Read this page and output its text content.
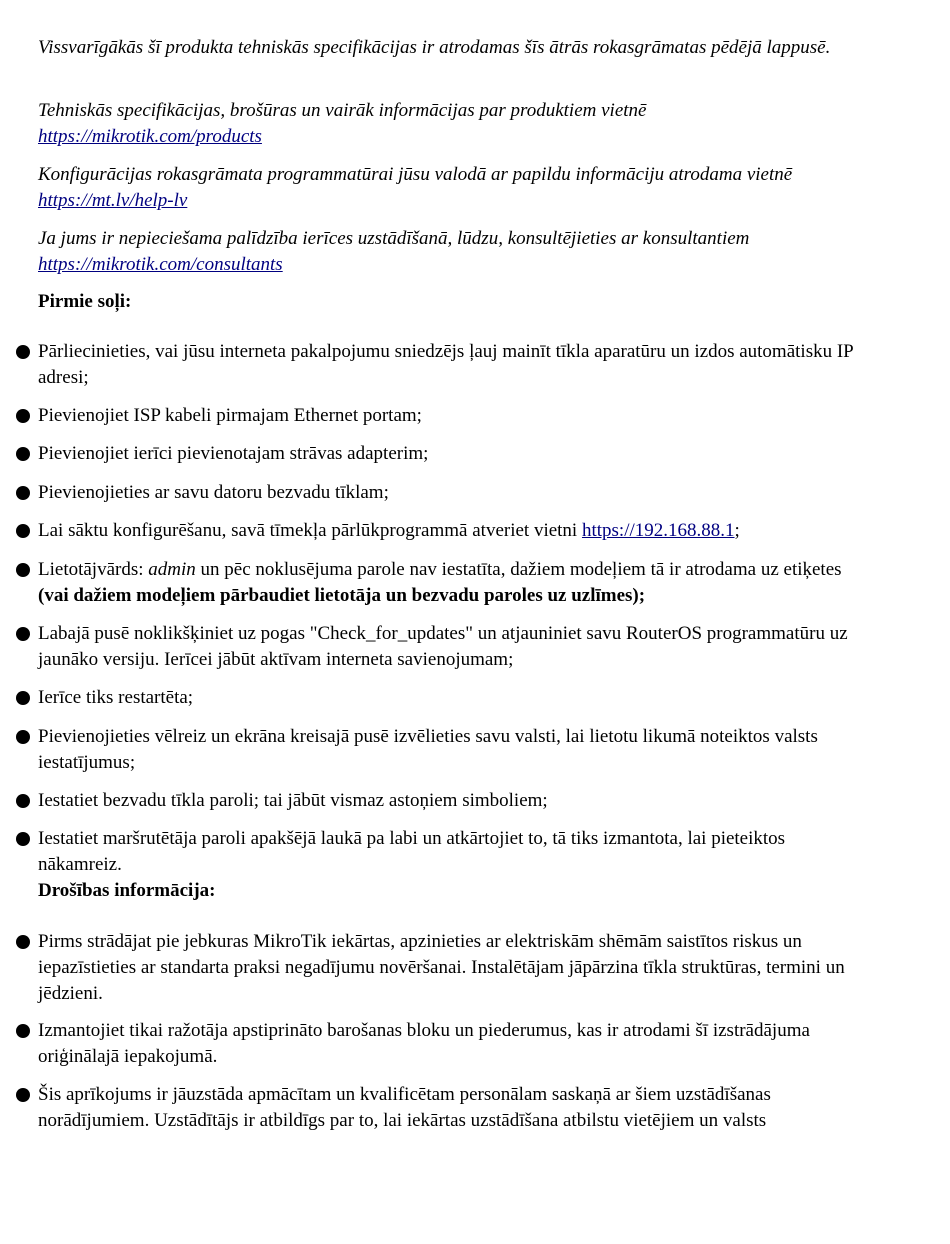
Vissvarīgākās šī produkta tehniskās specifikācijas ir atrodamas šīs ātrās rokasgrāmatas pēdējā lappusē.

Tehniskās specifikācijas, brošūras un vairāk informācijas par produktiem vietnē https://mikrotik.com/products

Konfigurācijas rokasgrāmata programmatūrai jūsu valodā ar papildu informāciju atrodama vietnē https://mt.lv/help-lv

Ja jums ir nepieciešama palīdzība ierīces uzstādīšanā, lūdzu, konsultējieties ar konsultantiem https://mikrotik.com/consultants

Pirmie soļi:

Pārliecinieties, vai jūsu interneta pakalpojumu sniedzējs ļauj mainīt tīkla aparatūru un izdos automātisku IP adresi;

Pievienojiet ISP kabeli pirmajam Ethernet portam;

Pievienojiet ierīci pievienotajam strāvas adapterim;

Pievienojieties ar savu datoru bezvadu tīklam;

Lai sāktu konfigurēšanu, savā tīmekļa pārlūkprogrammā atveriet vietni https://192.168.88.1;

Lietotājvārds: admin un pēc noklusējuma parole nav iestatīta, dažiem modeļiem tā ir atrodama uz etiķetes (vai dažiem modeļiem pārbaudiet lietotāja un bezvadu paroles uz uzlīmes);

Labajā pusē noklikšķiniet uz pogas "Check_for_updates" un atjauniniet savu RouterOS programmatūru uz jaunāko versiju. Ierīcei jābūt aktīvam interneta savienojumam;

Ierīce tiks restartēta;

Pievienojieties vēlreiz un ekrāna kreisajā pusē izvēlieties savu valsti, lai lietotu likumā noteiktos valsts iestatījumus;

Iestatiet bezvadu tīkla paroli; tai jābūt vismaz astoņiem simboliem;

Iestatiet maršrutētāja paroli apakšējā laukā pa labi un atkārtojiet to, tā tiks izmantota, lai pieteiktos nākamreiz.

Drošības informācija:

Pirms strādājat pie jebkuras MikroTik iekārtas, apzinieties ar elektriskām shēmām saistītos riskus un iepazīstieties ar standarta praksi negadījumu novēršanai. Instalētājam jāpārzina tīkla struktūras, termini un jēdzieni.

Izmantojiet tikai ražotāja apstiprināto barošanas bloku un piederumus, kas ir atrodami šī izstrādājuma oriģinālajā iepakojumā.

Šis aprīkojums ir jāuzstāda apmācītam un kvalificētam personālam saskaņā ar šiem uzstādīšanas norādījumiem. Uzstādītājs ir atbildīgs par to, lai iekārtas uzstādīšana atbilstu vietējiem un valsts
